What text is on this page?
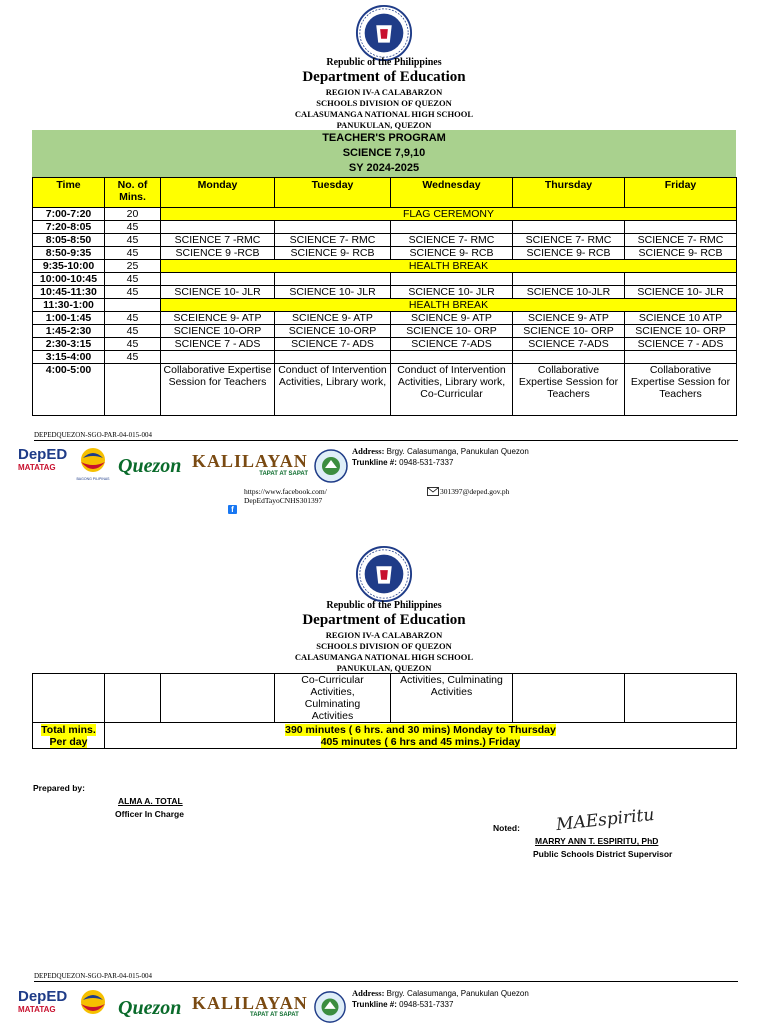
Republic of the Philippines
Department of Education
REGION IV-A CALABARZON
SCHOOLS DIVISION OF QUEZON
CALASUMANGA NATIONAL HIGH SCHOOL
PANUKULAN, QUEZON
TEACHER'S PROGRAM
SCIENCE 7,9,10
SY 2024-2025
Time	No. of Mins.	Monday	Tuesday	Wednesday	Thursday	Friday
7:00-7:20	20	FLAG CEREMONY				
7:20-8:05	45					
8:05-8:50	45	SCIENCE 7 -RMC	SCIENCE 7- RMC	SCIENCE 7- RMC	SCIENCE 7- RMC	SCIENCE 7- RMC
8:50-9:35	45	SCIENCE 9 -RCB	SCIENCE 9- RCB	SCIENCE 9- RCB	SCIENCE 9- RCB	SCIENCE 9- RCB
9:35-10:00	25	HEALTH BREAK				
10:00-10:45	45					
10:45-11:30	45	SCIENCE 10- JLR	SCIENCE 10- JLR	SCIENCE 10- JLR	SCIENCE 10-JLR	SCIENCE 10- JLR
11:30-1:00		HEALTH BREAK				
1:00-1:45	45	SCEIENCE 9- ATP	SCIENCE 9- ATP	SCIENCE 9- ATP	SCIENCE 9- ATP	SCIENCE 10 ATP
1:45-2:30	45	SCIENCE 10-ORP	SCIENCE 10-ORP	SCIENCE 10- ORP	SCIENCE 10- ORP	SCIENCE 10- ORP
2:30-3:15	45	SCIENCE 7 - ADS	SCIENCE 7- ADS	SCIENCE 7-ADS	SCIENCE 7-ADS	SCIENCE 7 - ADS
3:15-4:00	45					
4:00-5:00		Collaborative Expertise Session for Teachers	Conduct of Intervention Activities, Library work,	Conduct of Intervention Activities, Library work, Co-Curricular	Collaborative Expertise Session for Teachers	Collaborative Expertise Session for Teachers
DEPEDQUEZON-SGO-PAR-04-015-004
DepED
MATATAG
BAGONG PILIPINAS
Quezon KALILAYAN
TAPAT AT SAPAT
Address: Brgy. Calasumanga, Panukulan Quezon
Trunkline #: 0948-531-7337
https://www.facebook.com/
DepEdTayoCNHS301397
f
301397@deped.gov.ph
Republic of the Philippines
Department of Education
REGION IV-A CALABARZON
SCHOOLS DIVISION OF QUEZON
CALASUMANGA NATIONAL HIGH SCHOOL
PANUKULAN, QUEZON
			Co-Curricular Activities, Culminating Activities	Activities, Culminating Activities		
Total mins. Per day	390 minutes ( 6 hrs. and 30 mins) Monday to Thursday
405 minutes ( 6 hrs and 45 mins.) Friday					
Prepared by:
ALMA A. TOTAL
Officer In Charge
Noted: MAEspiritu
MARRY ANN T. ESPIRITU, PhD
Public Schools District Supervisor
DEPEDQUEZON-SGO-PAR-04-015-004
DepED
MATATAG	Quezon KALILAYAN
TAPAT AT SAPAT
Address: Brgy. Calasumanga, Panukulan Quezon
Trunkline #: 0948-531-7337
